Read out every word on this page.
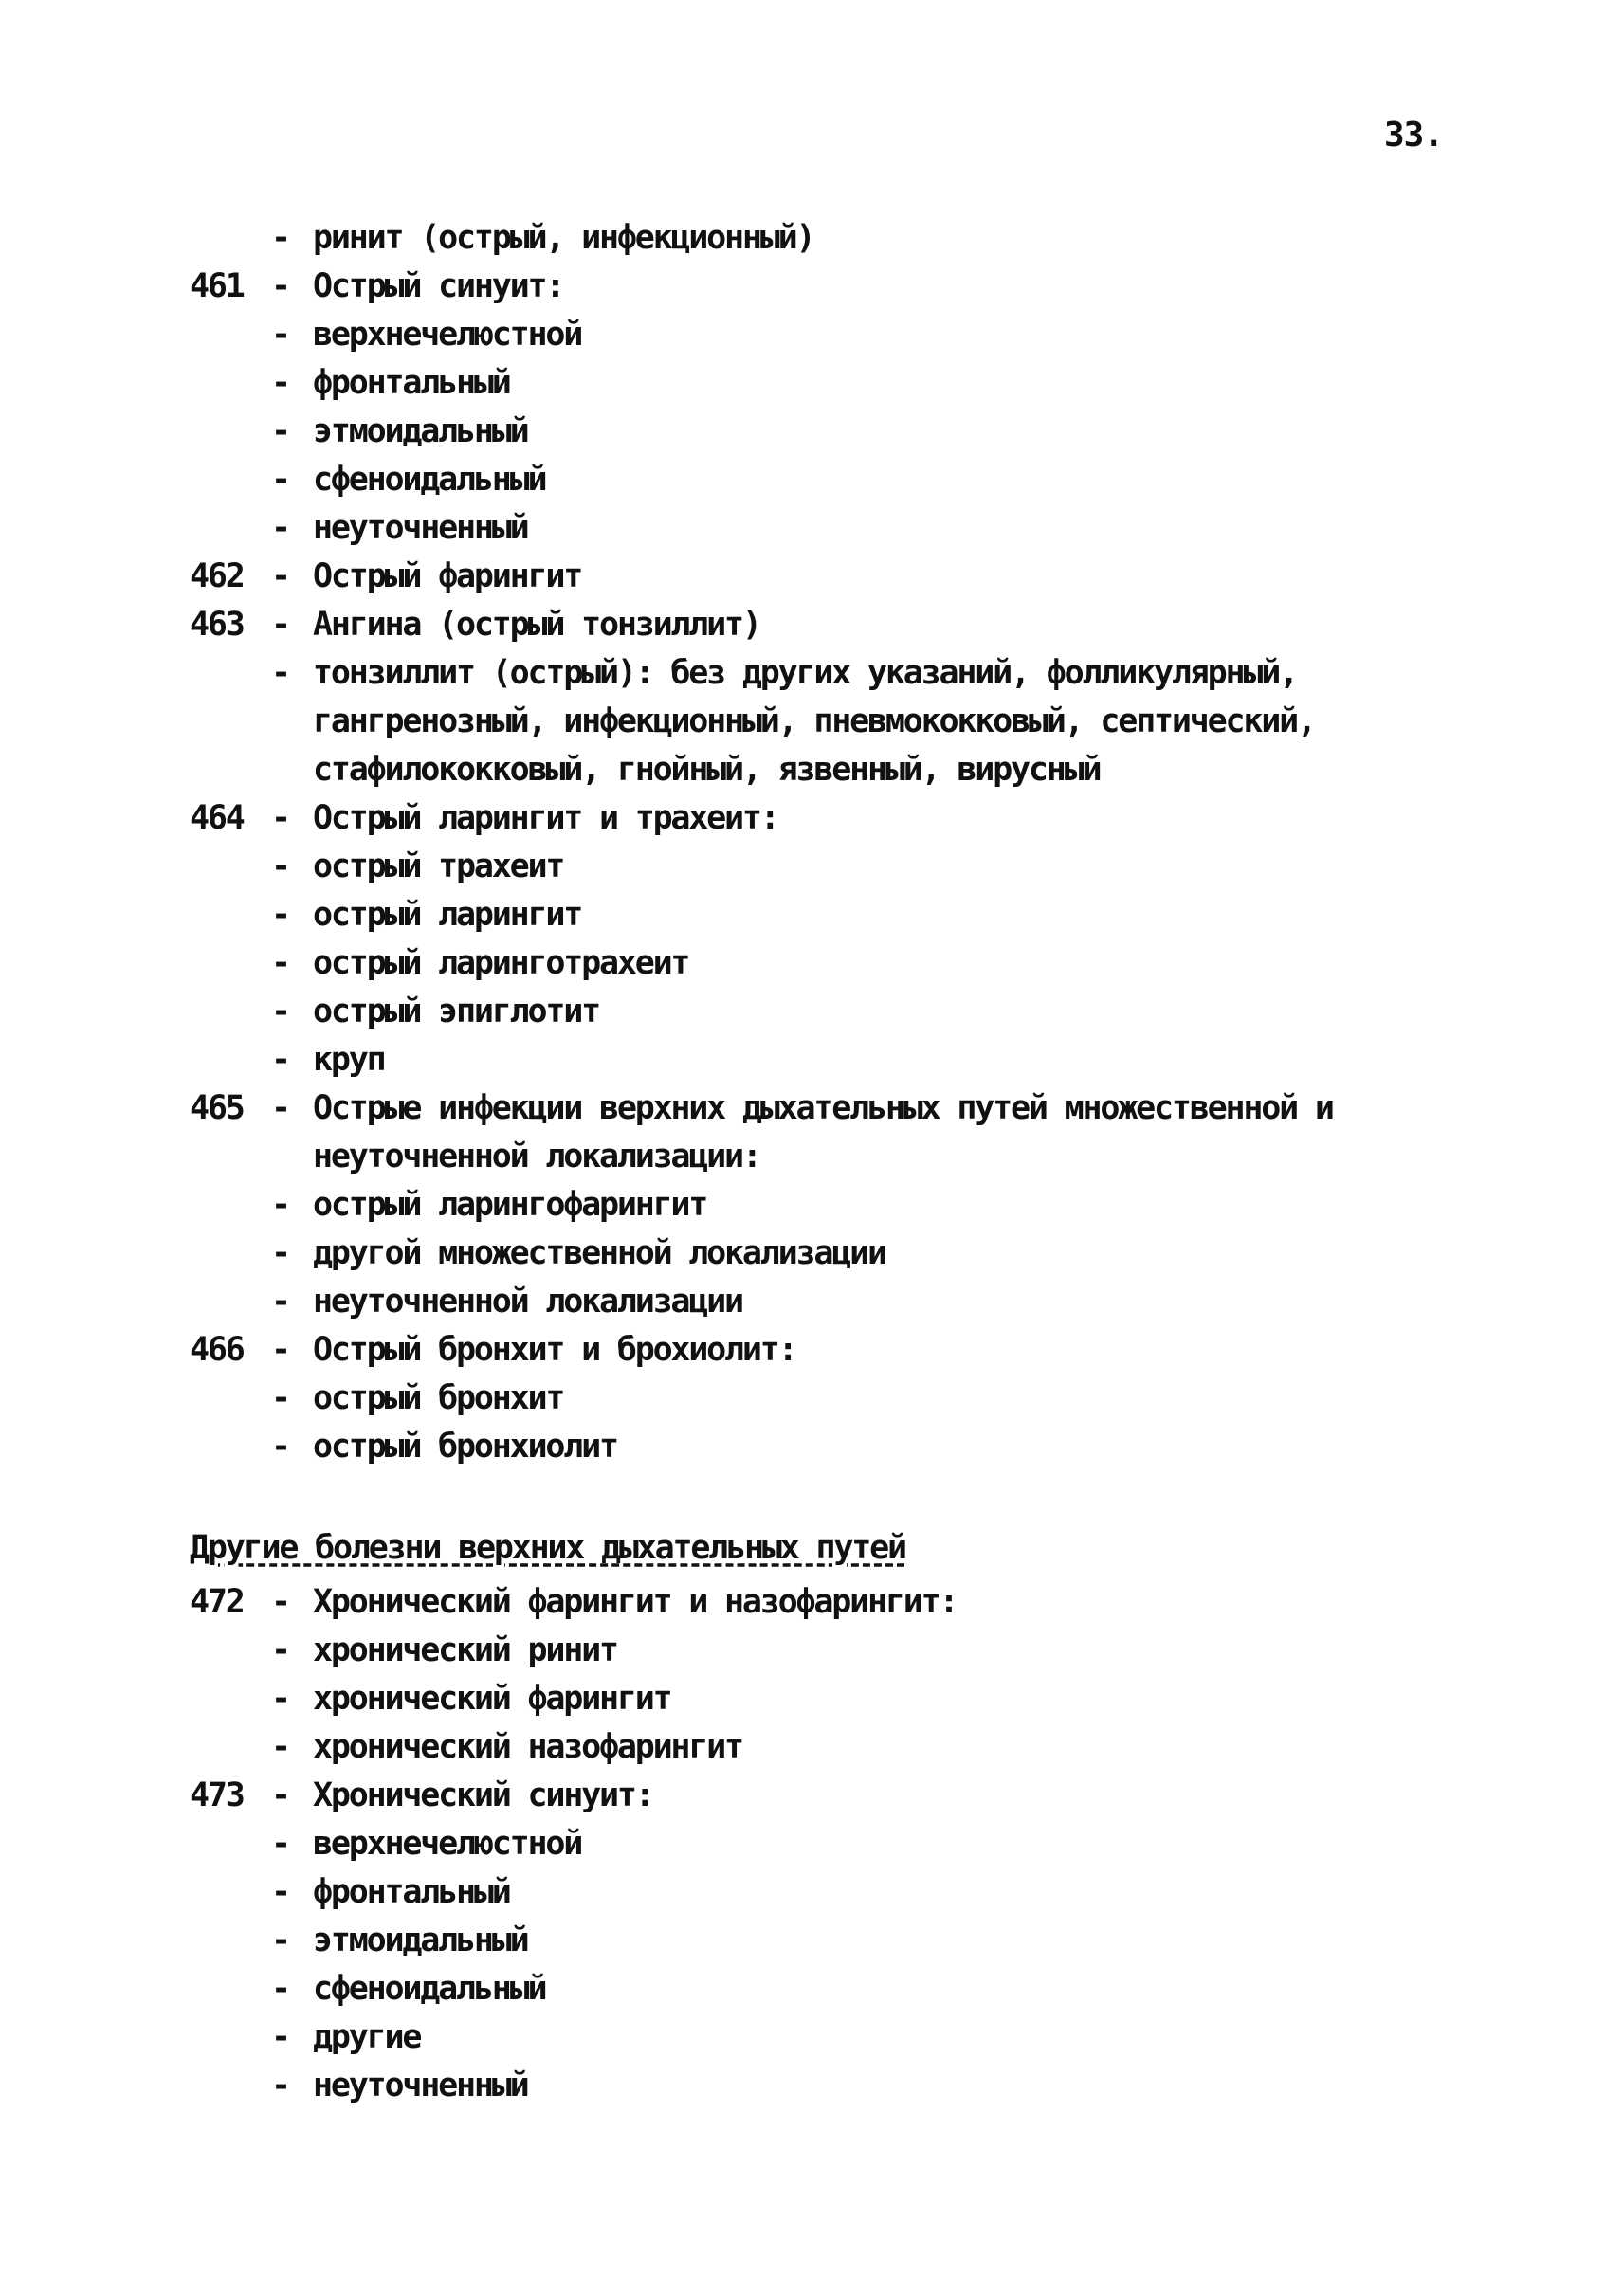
33.
- ринит (острый, инфекционный)
461 - Острый синуит:
- верхнечелюстной
- фронтальный
- этмоидальный
- сфеноидальный
- неуточненный
462 - Острый фарингит
463 - Ангина (острый тонзиллит)
- тонзиллит (острый): без других указаний, фолликулярный,
гангренозный, инфекционный, пневмококковый, септический,
стафилококковый, гнойный, язвенный, вирусный
464 - Острый ларингит и трахеит:
- острый трахеит
- острый ларингит
- острый ларинготрахеит
- острый эпиглотит
- круп
465 - Острые инфекции верхних дыхательных путей множественной и
неуточненной локализации:
- острый ларингофарингит
- другой множественной локализации
- неуточненной локализации
466 - Острый бронхит и брохиолит:
- острый бронхит
- острый бронхиолит
Другие болезни верхних дыхательных путей
472 - Хронический фарингит и назофарингит:
- хронический ринит
- хронический фарингит
- хронический назофарингит
473 - Хронический синуит:
- верхнечелюстной
- фронтальный
- этмоидальный
- сфеноидальный
- другие
- неуточненный
